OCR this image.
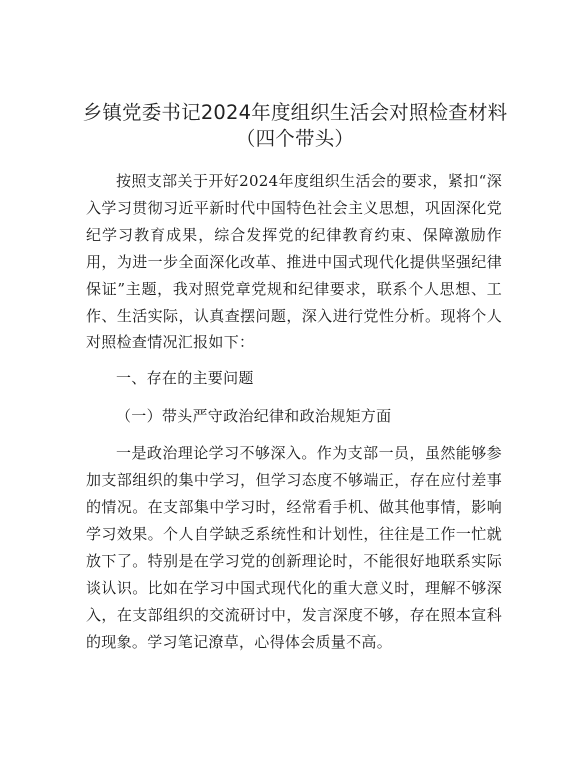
乡镇党委书记2024年度组织生活会对照检查材料（四个带头）

按照支部关于开好2024年度组织生活会的要求，紧扣“深入学习贯彻习近平新时代中国特色社会主义思想，巩固深化党纪学习教育成果，综合发挥党的纪律教育约束、保障激励作用，为进一步全面深化改革、推进中国式现代化提供坚强纪律保证”主题，我对照党章党规和纪律要求，联系个人思想、工作、生活实际，认真查摆问题，深入进行党性分析。现将个人对照检查情况汇报如下：

一、存在的主要问题

（一）带头严守政治纪律和政治规矩方面

一是政治理论学习不够深入。作为支部一员，虽然能够参加支部组织的集中学习，但学习态度不够端正，存在应付差事的情况。在支部集中学习时，经常看手机、做其他事情，影响学习效果。个人自学缺乏系统性和计划性，往往是工作一忙就放下了。特别是在学习党的创新理论时，不能很好地联系实际谈认识。比如在学习中国式现代化的重大意义时，理解不够深入，在支部组织的交流研讨中，发言深度不够，存在照本宣科的现象。学习笔记潦草，心得体会质量不高。
